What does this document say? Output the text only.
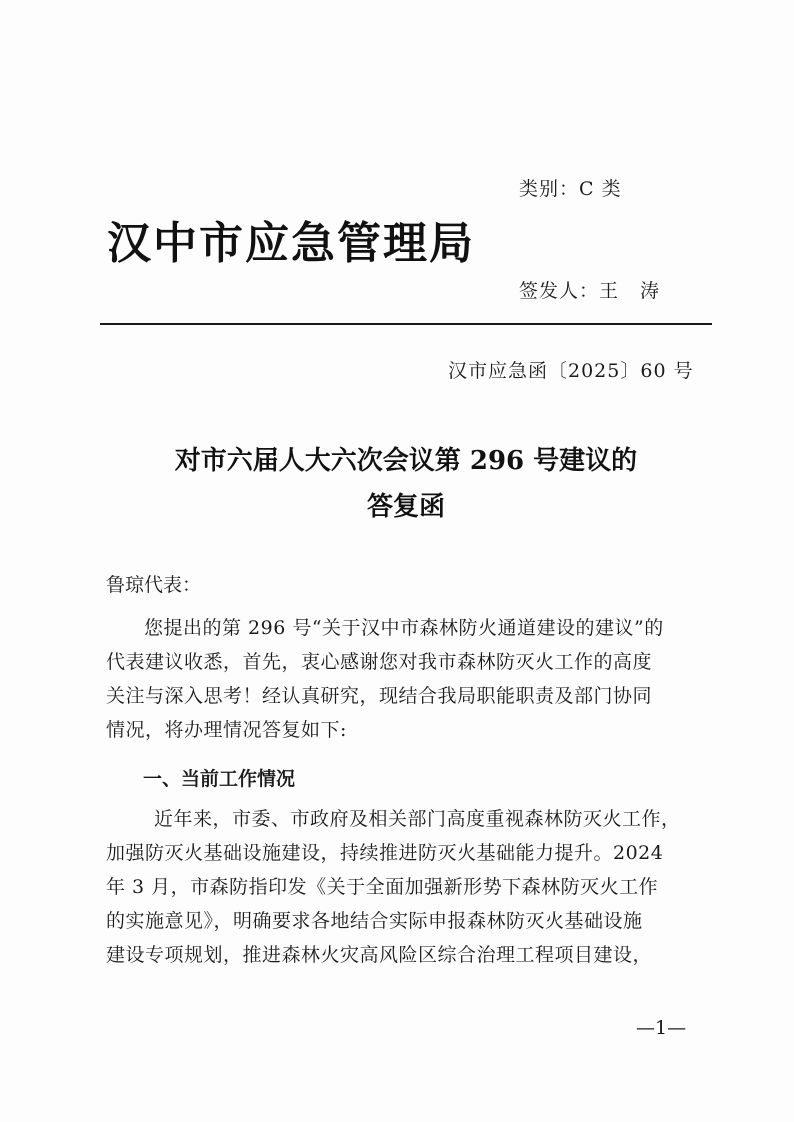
类别：C 类
汉中市应急管理局
签发人：王 涛
汉市应急函〔2025〕60 号
对市六届人大六次会议第 296 号建议的
答复函
鲁琼代表：
您提出的第 296 号“关于汉中市森林防火通道建设的建议”的
代表建议收悉，首先，衷心感谢您对我市森林防灭火工作的高度
关注与深入思考！经认真研究，现结合我局职能职责及部门协同
情况，将办理情况答复如下:
一、当前工作情况
近年来，市委、市政府及相关部门高度重视森林防灭火工作，
加强防灭火基础设施建设，持续推进防灭火基础能力提升。2024
年 3 月，市森防指印发《关于全面加强新形势下森林防灭火工作
的实施意见》，明确要求各地结合实际申报森林防灭火基础设施
建设专项规划，推进森林火灾高风险区综合治理工程项目建设，
—1—
